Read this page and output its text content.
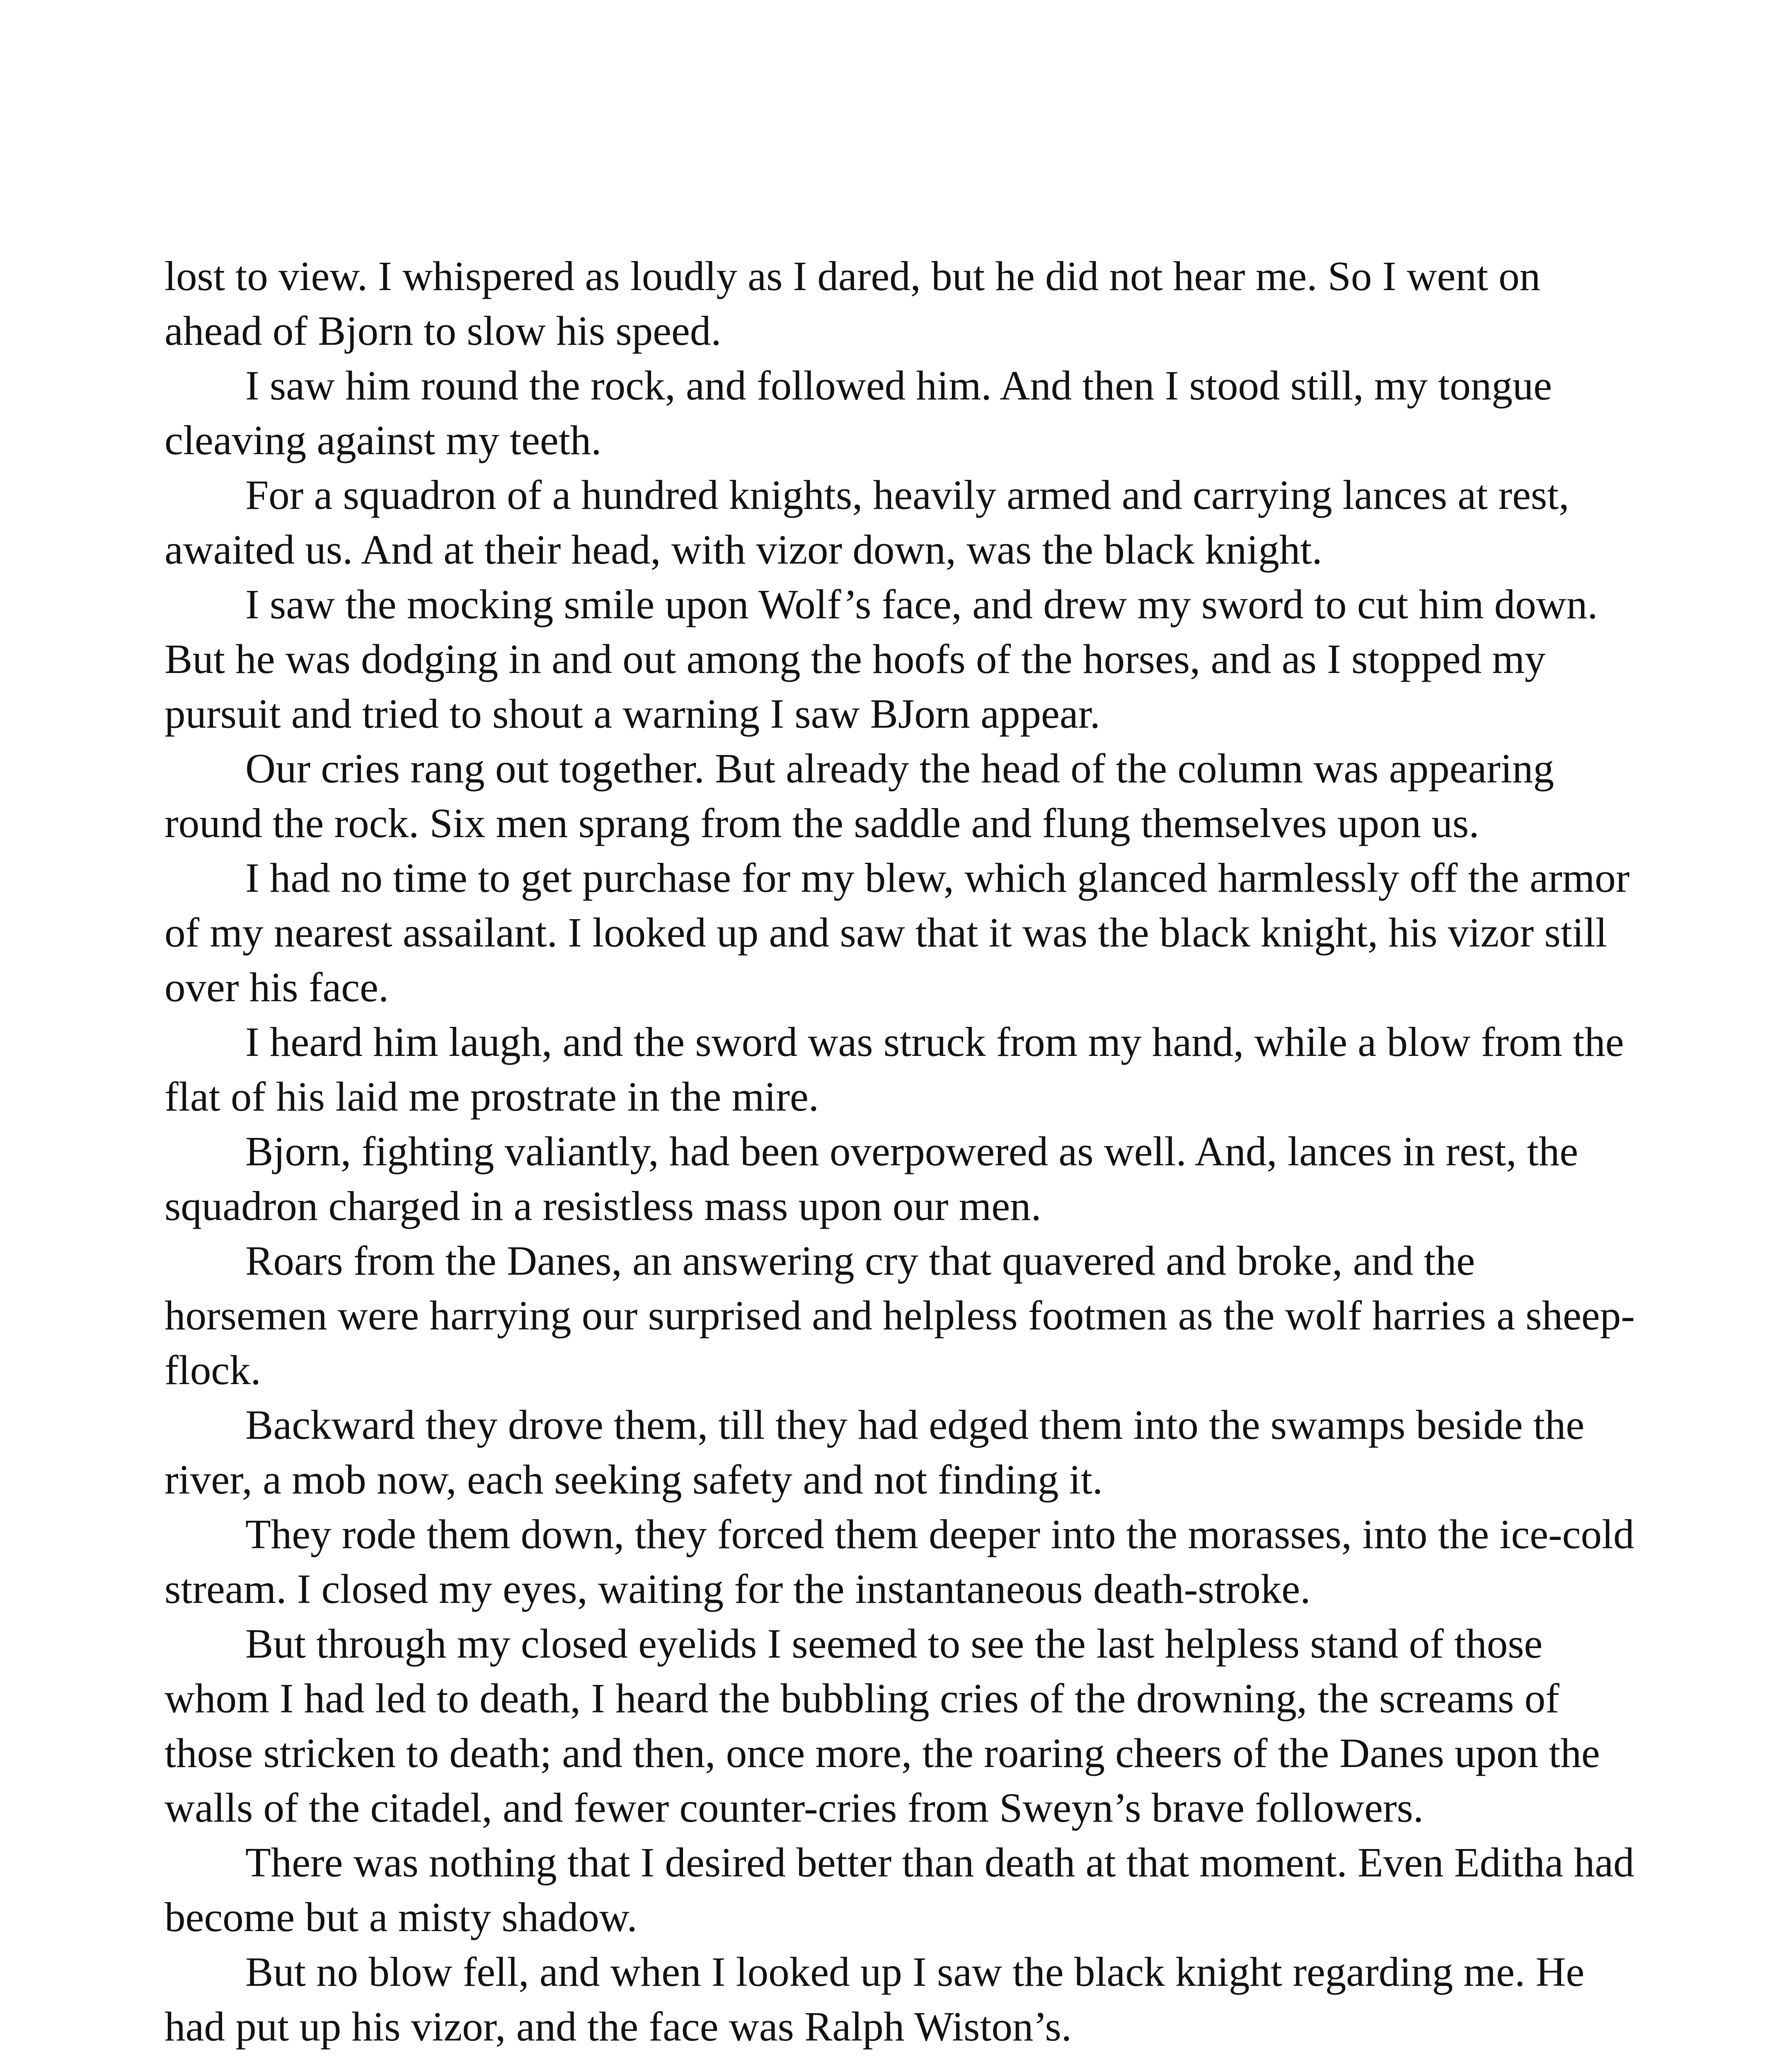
lost to view. I whispered as loudly as I dared, but he did not hear me. So I went on ahead of Bjorn to slow his speed.

I saw him round the rock, and followed him. And then I stood still, my tongue cleaving against my teeth.

For a squadron of a hundred knights, heavily armed and carrying lances at rest, awaited us. And at their head, with vizor down, was the black knight.

I saw the mocking smile upon Wolf’s face, and drew my sword to cut him down. But he was dodging in and out among the hoofs of the horses, and as I stopped my pursuit and tried to shout a warning I saw BJorn appear.

Our cries rang out together. But already the head of the column was appearing round the rock. Six men sprang from the saddle and flung themselves upon us.

I had no time to get purchase for my blew, which glanced harmlessly off the armor of my nearest assailant. I looked up and saw that it was the black knight, his vizor still over his face.

I heard him laugh, and the sword was struck from my hand, while a blow from the flat of his laid me prostrate in the mire.

Bjorn, fighting valiantly, had been overpowered as well. And, lances in rest, the squadron charged in a resistless mass upon our men.

Roars from the Danes, an answering cry that quavered and broke, and the horsemen were harrying our surprised and helpless footmen as the wolf harries a sheep-flock.

Backward they drove them, till they had edged them into the swamps beside the river, a mob now, each seeking safety and not finding it.

They rode them down, they forced them deeper into the morasses, into the ice-cold stream. I closed my eyes, waiting for the instantaneous death-stroke.

But through my closed eyelids I seemed to see the last helpless stand of those whom I had led to death, I heard the bubbling cries of the drowning, the screams of those stricken to death; and then, once more, the roaring cheers of the Danes upon the walls of the citadel, and fewer counter-cries from Sweyn’s brave followers.

There was nothing that I desired better than death at that moment. Even Editha had become but a misty shadow.

But no blow fell, and when I looked up I saw the black knight regarding me. He had put up his vizor, and the face was Ralph Wiston’s.
